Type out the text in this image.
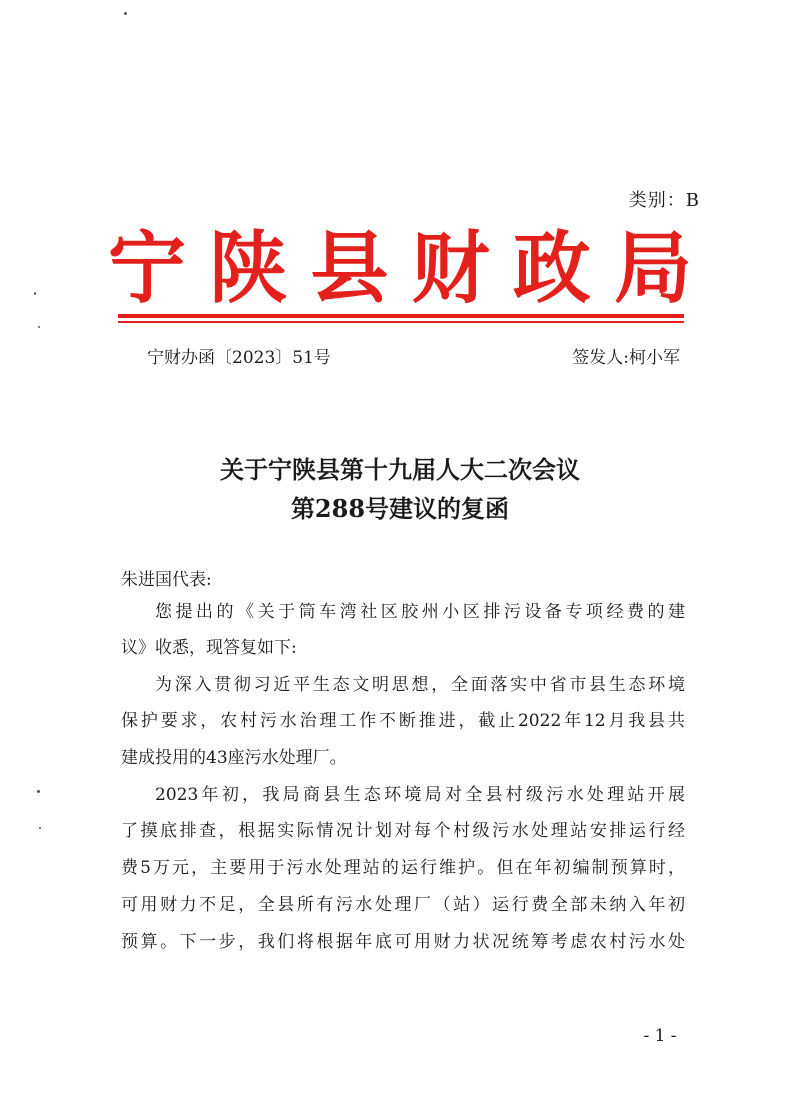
类别：B
宁 陕 县 财 政 局
宁财办函〔2023〕51号	签发人:柯小军
关于宁陕县第十九届人大二次会议
第288号建议的复函
朱进国代表:
您提出的《关于筒车湾社区胶州小区排污设备专项经费的建
议》收悉，现答复如下:
为深入贯彻习近平生态文明思想，全面落实中省市县生态环境
保护要求，农村污水治理工作不断推进，截止2022年12月我县共
建成投用的43座污水处理厂。
2023年初，我局商县生态环境局对全县村级污水处理站开展
了摸底排查，根据实际情况计划对每个村级污水处理站安排运行经
费5万元，主要用于污水处理站的运行维护。但在年初编制预算时，
可用财力不足，全县所有污水处理厂（站）运行费全部未纳入年初
预算。下一步，我们将根据年底可用财力状况统筹考虑农村污水处
- 1 -
